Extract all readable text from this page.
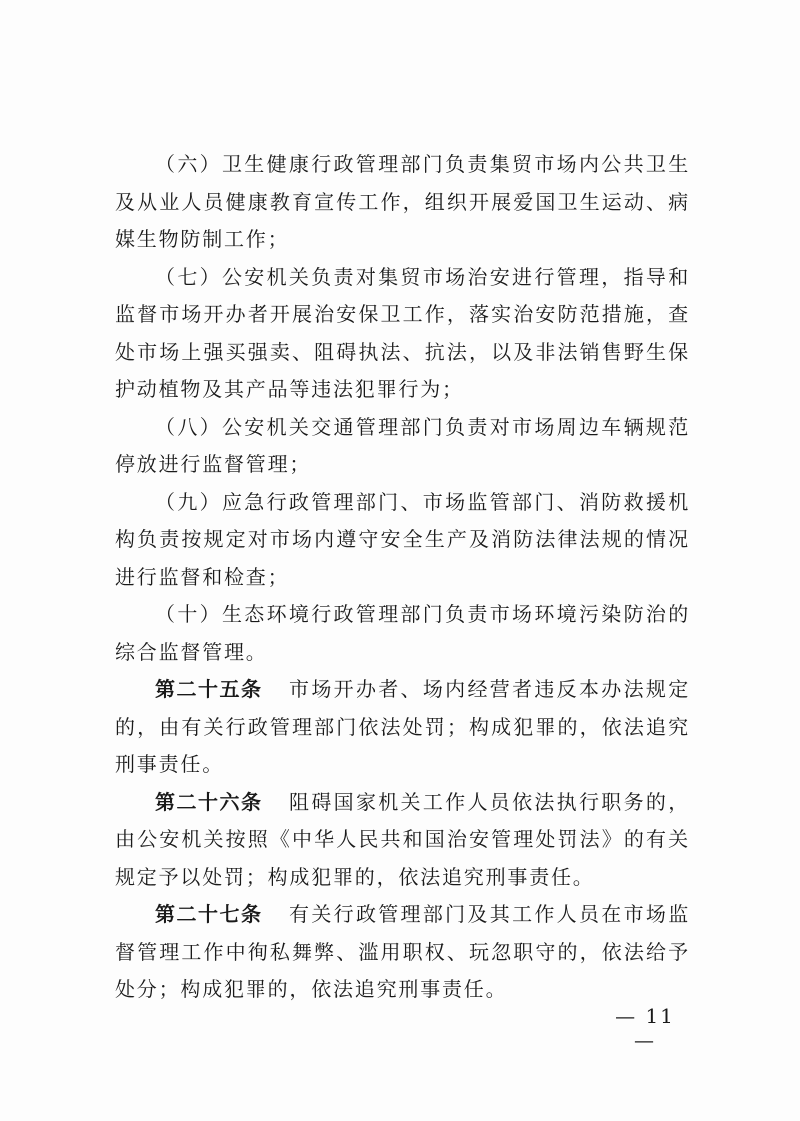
（六）卫生健康行政管理部门负责集贸市场内公共卫生及从业人员健康教育宣传工作，组织开展爱国卫生运动、病媒生物防制工作；

（七）公安机关负责对集贸市场治安进行管理，指导和监督市场开办者开展治安保卫工作，落实治安防范措施，查处市场上强买强卖、阻碍执法、抗法，以及非法销售野生保护动植物及其产品等违法犯罪行为；

（八）公安机关交通管理部门负责对市场周边车辆规范停放进行监督管理；

（九）应急行政管理部门、市场监管部门、消防救援机构负责按规定对市场内遵守安全生产及消防法律法规的情况进行监督和检查；

（十）生态环境行政管理部门负责市场环境污染防治的综合监督管理。

第二十五条 市场开办者、场内经营者违反本办法规定的，由有关行政管理部门依法处罚；构成犯罪的，依法追究刑事责任。

第二十六条 阻碍国家机关工作人员依法执行职务的，由公安机关按照《中华人民共和国治安管理处罚法》的有关规定予以处罚；构成犯罪的，依法追究刑事责任。

第二十七条 有关行政管理部门及其工作人员在市场监督管理工作中徇私舞弊、滥用职权、玩忽职守的，依法给予处分；构成犯罪的，依法追究刑事责任。

— 11 —
